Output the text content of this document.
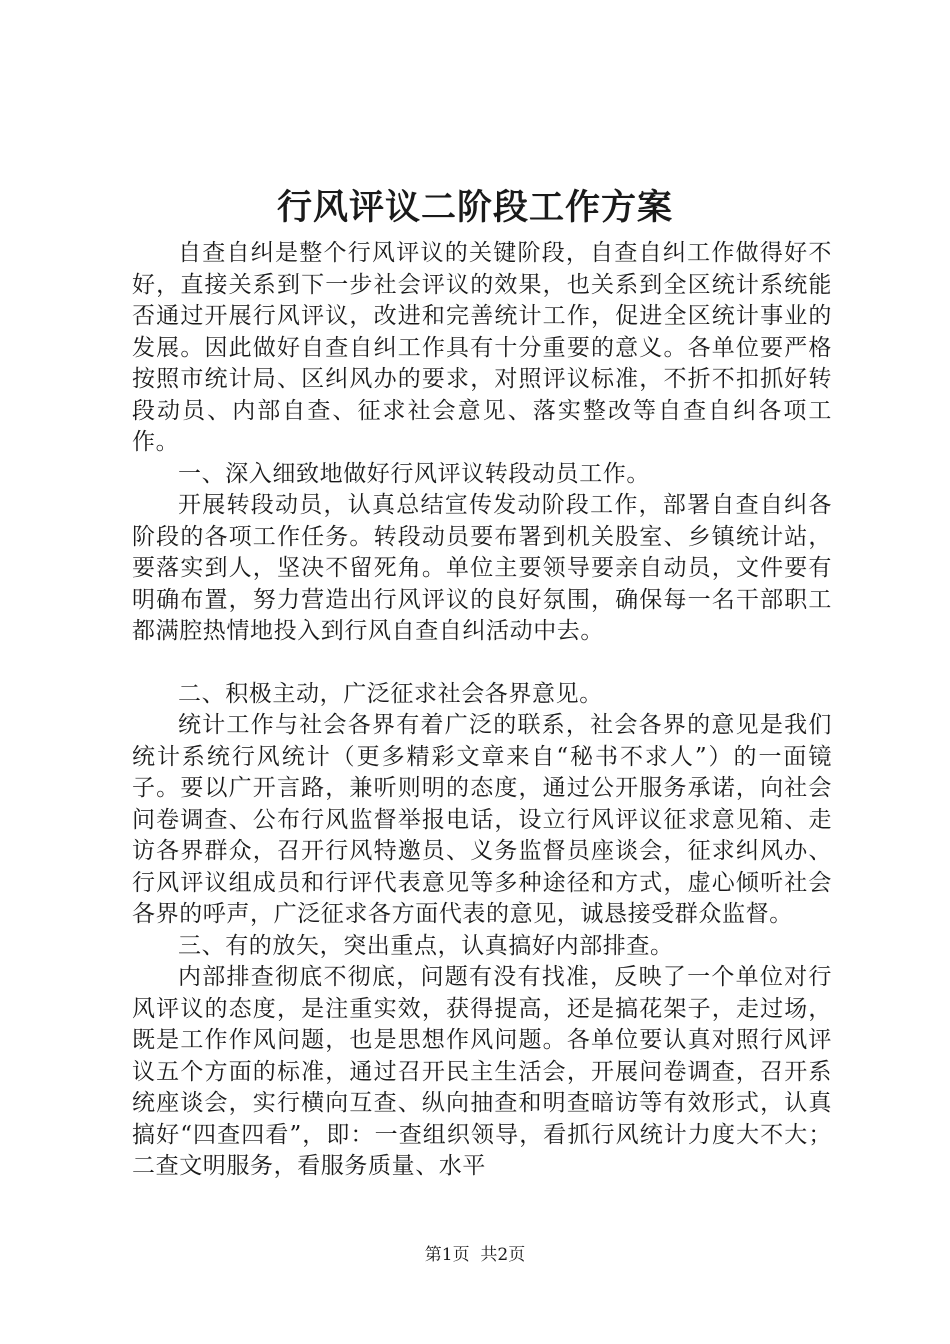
行风评议二阶段工作方案

自查自纠是整个行风评议的关键阶段，自查自纠工作做得好不好，直接关系到下一步社会评议的效果，也关系到全区统计系统能否通过开展行风评议，改进和完善统计工作，促进全区统计事业的发展。因此做好自查自纠工作具有十分重要的意义。各单位要严格按照市统计局、区纠风办的要求，对照评议标准，不折不扣抓好转段动员、内部自查、征求社会意见、落实整改等自查自纠各项工作。

一、深入细致地做好行风评议转段动员工作。

开展转段动员，认真总结宣传发动阶段工作，部署自查自纠各阶段的各项工作任务。转段动员要布署到机关股室、乡镇统计站，要落实到人，坚决不留死角。单位主要领导要亲自动员，文件要有明确布置，努力营造出行风评议的良好氛围，确保每一名干部职工都满腔热情地投入到行风自查自纠活动中去。

二、积极主动，广泛征求社会各界意见。

统计工作与社会各界有着广泛的联系，社会各界的意见是我们统计系统行风统计（更多精彩文章来自“秘书不求人”）的一面镜子。要以广开言路，兼听则明的态度，通过公开服务承诺，向社会问卷调查、公布行风监督举报电话，设立行风评议征求意见箱、走访各界群众，召开行风特邀员、义务监督员座谈会，征求纠风办、行风评议组成员和行评代表意见等多种途径和方式，虚心倾听社会各界的呼声，广泛征求各方面代表的意见，诚恳接受群众监督。

三、有的放矢，突出重点，认真搞好内部排查。

内部排查彻底不彻底，问题有没有找准，反映了一个单位对行风评议的态度，是注重实效，获得提高，还是搞花架子，走过场，既是工作作风问题，也是思想作风问题。各单位要认真对照行风评议五个方面的标准，通过召开民主生活会，开展问卷调查，召开系统座谈会，实行横向互查、纵向抽查和明查暗访等有效形式，认真搞好“四查四看”，即：一查组织领导，看抓行风统计力度大不大；二查文明服务，看服务质量、水平

第1页 共2页
